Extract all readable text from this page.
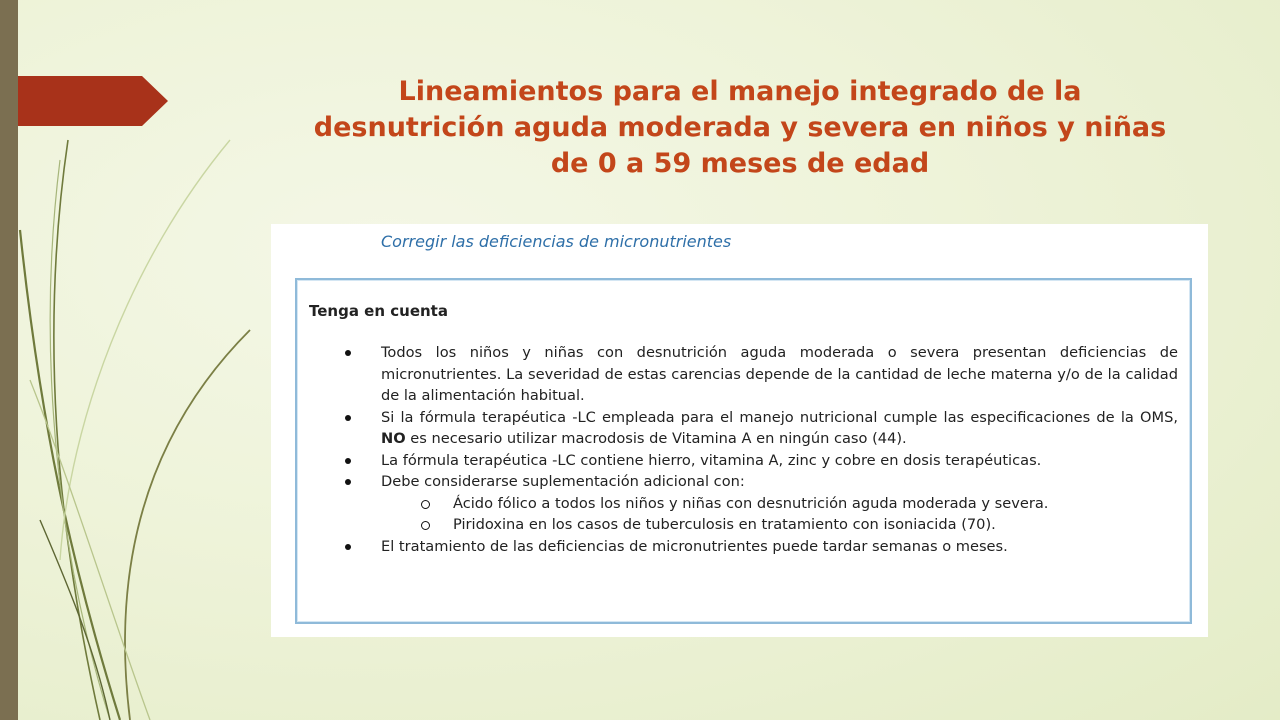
Lineamientos para el manejo integrado de la
desnutrición aguda moderada y severa en niños y niñas
de 0 a 59 meses de edad
Corregir las deficiencias de micronutrientes

Tenga en cuenta

Todos los niños y niñas con desnutrición aguda moderada o severa presentan deficiencias de micronutrientes. La severidad de estas carencias depende de la cantidad de leche materna y/o de la calidad de la alimentación habitual.
Si la fórmula terapéutica -LC empleada para el manejo nutricional cumple las especificaciones de la OMS, NO es necesario utilizar macrodosis de Vitamina A en ningún caso (44).
La fórmula terapéutica -LC contiene hierro, vitamina A, zinc y cobre en dosis terapéuticas.
Debe considerarse suplementación adicional con:
Ácido fólico a todos los niños y niñas con desnutrición aguda moderada y severa.
Piridoxina en los casos de tuberculosis en tratamiento con isoniacida (70).
El tratamiento de las deficiencias de micronutrientes puede tardar semanas o meses.
